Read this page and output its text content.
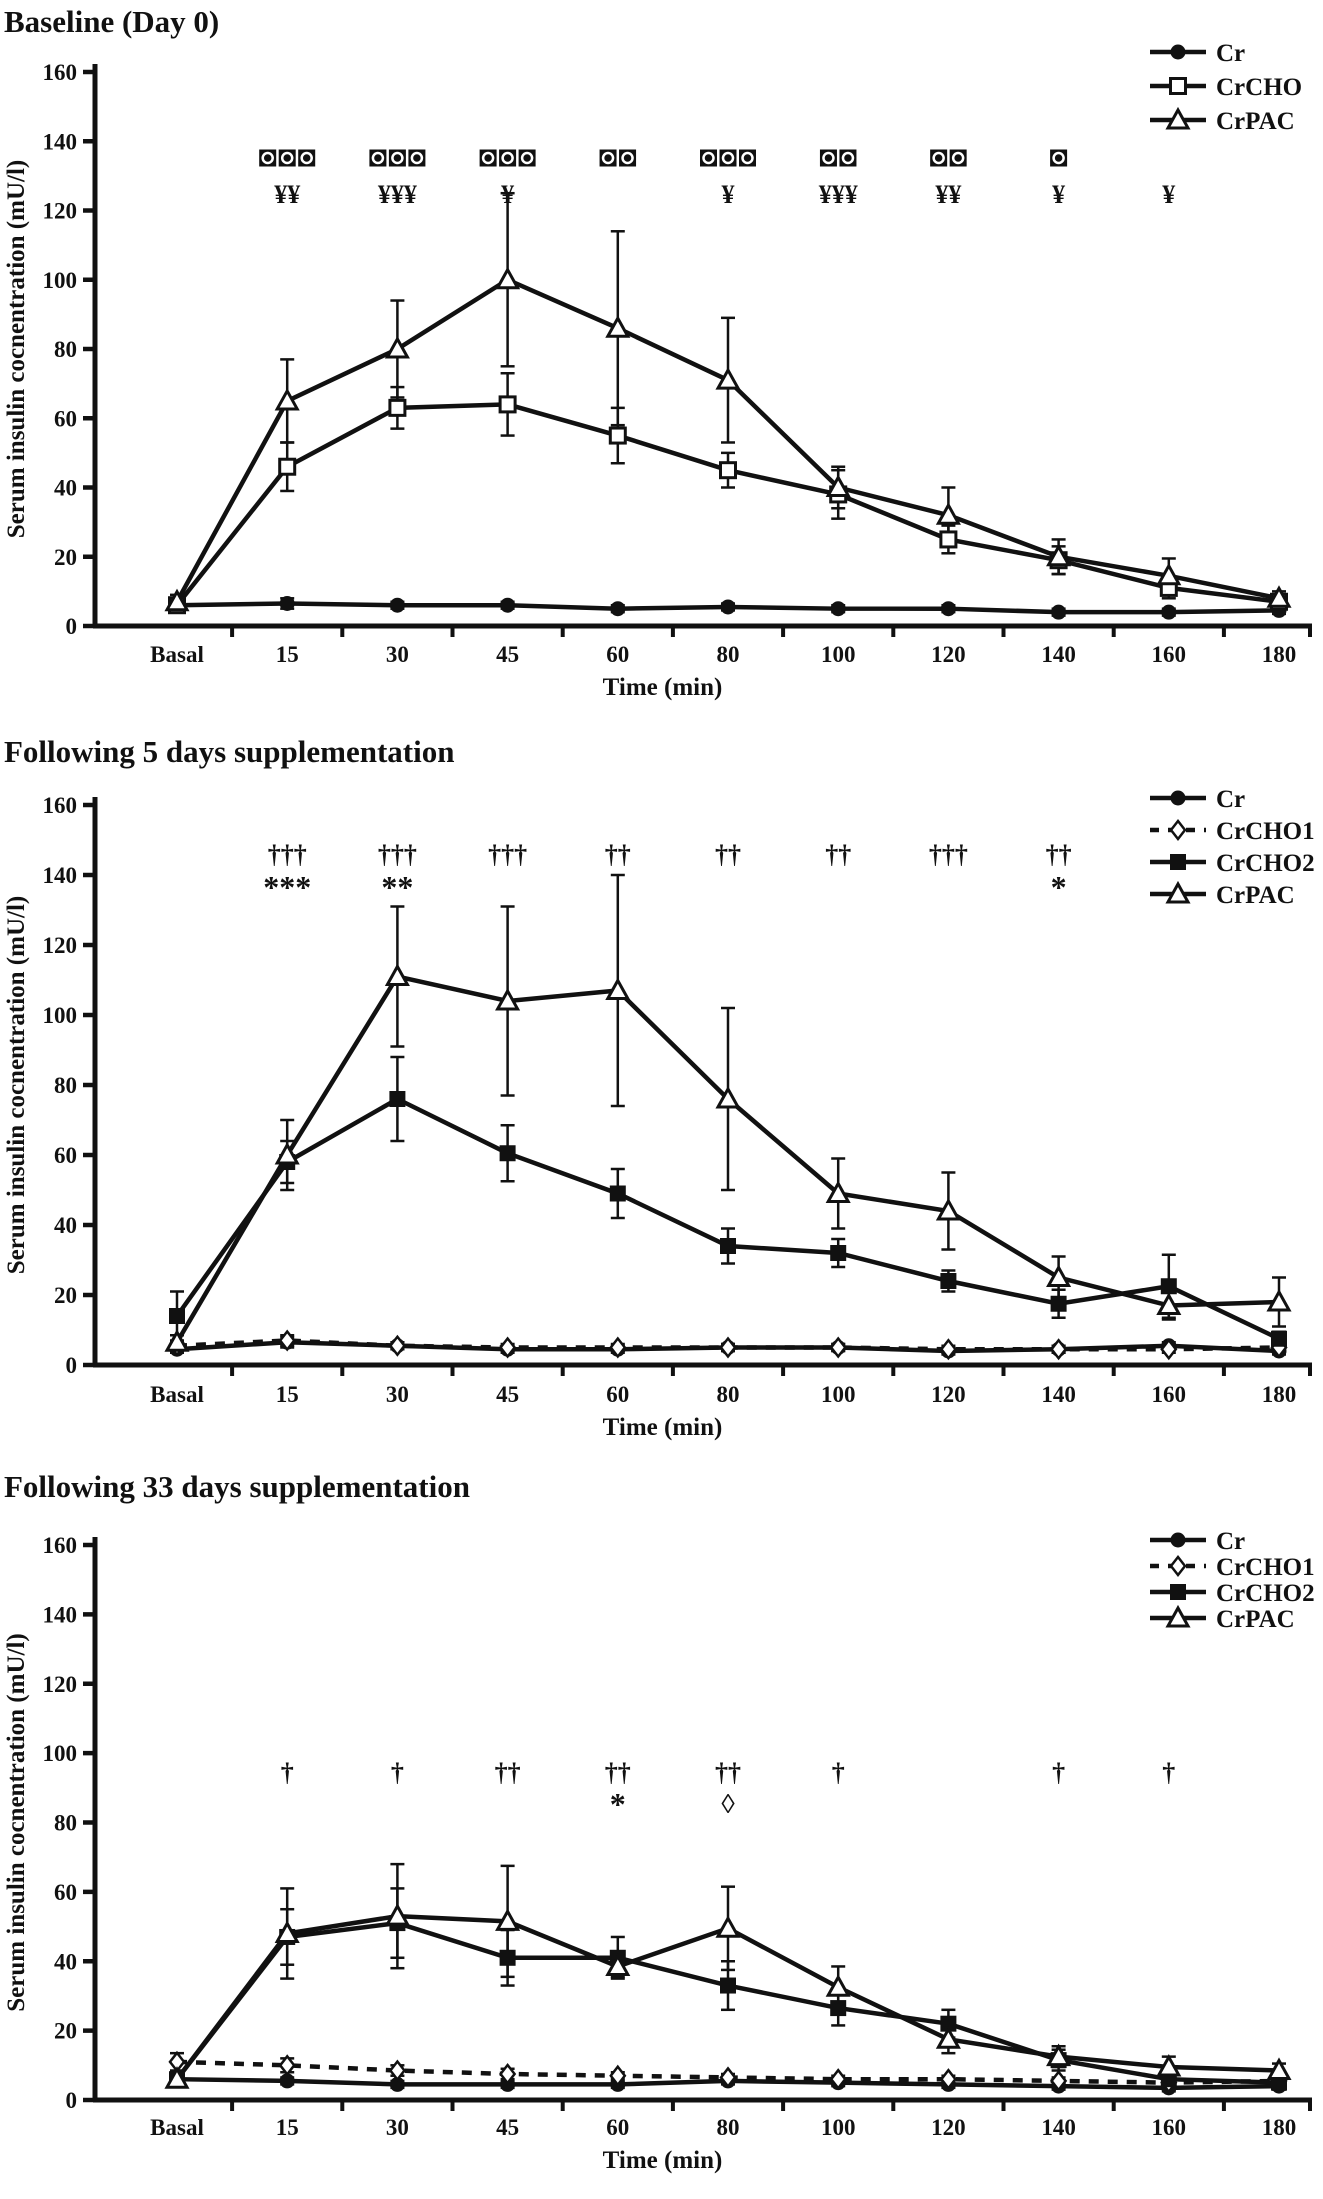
0
20
40
60
80
100
120
140
160
Basal	15	30	45	60	80	100	120	140	160	180
Time (min)
Serum insulin cocnentration (mU/l)
Cr
CrCHO
CrPAC
¥¥	¥¥¥	¥	¥	¥¥¥	¥¥	¥	¥
Baseline (Day 0)
0
20
40
60
80
100
120
140
160
Basal	15	30	45	60	80	100	120	140	160	180
Time (min)
Serum insulin cocnentration (mU/l)
Cr
CrCHO1
CrCHO2
CrPAC
†††
***
†††
**
†††	††	††	††	†††	††
*
Following 5 days supplementation
0
20
40
60
80
100
120
140
160
Basal	15	30	45	60	80	100	120	140	160	180
Time (min)
Serum insulin cocnentration (mU/l)
Cr
CrCHO1
CrCHO2
CrPAC
†	†	††	††
*
††
◊
†	†	†
Following 33 days supplementation
